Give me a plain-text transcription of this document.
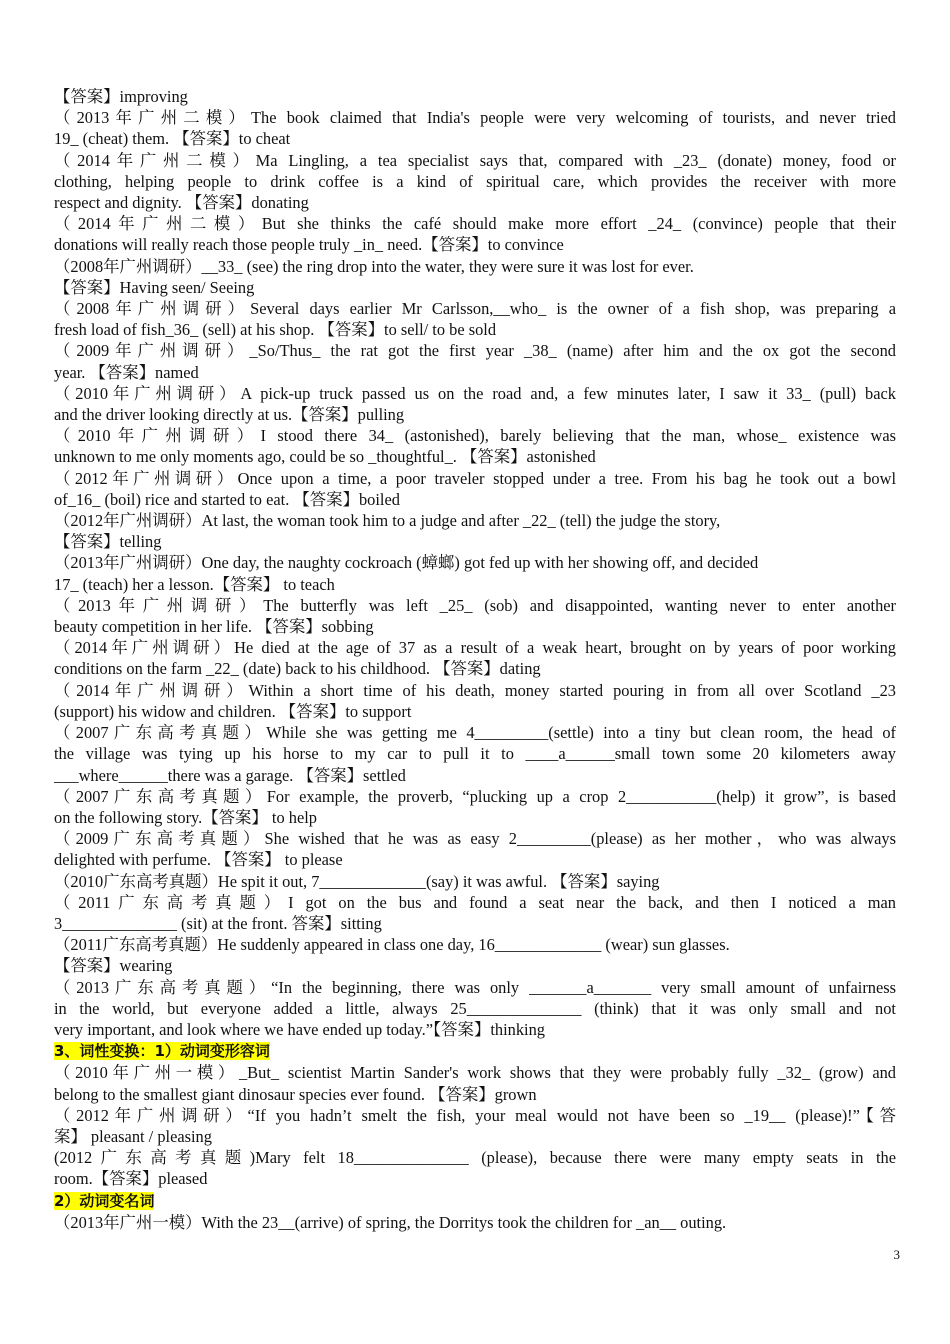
【答案】improving
（2013年广州二模）The book claimed that India's people were very welcoming of tourists, and never tried
19_ (cheat) them. 【答案】to cheat
（2014年广州二模）Ma Lingling, a tea specialist says that, compared with _23_ (donate) money, food or
clothing, helping people to drink coffee is a kind of spiritual care, which provides the receiver with more
respect and dignity. 【答案】donating
（2014年广州二模）But she thinks the café should make more effort _24_ (convince) people that their
donations will really reach those people truly _in_ need.【答案】to convince
（2008年广州调研）__33_ (see) the ring drop into the water, they were sure it was lost for ever.
【答案】Having seen/ Seeing
（2008年广州调研）Several days earlier Mr Carlsson,__who_ is the owner of a fish shop, was preparing a
fresh load of fish_36_ (sell) at his shop. 【答案】to sell/ to be sold
（2009年广州调研）_So/Thus_ the rat got the first year _38_ (name) after him and the ox got the second
year. 【答案】named
（2010年广州调研）A pick-up truck passed us on the road and, a few minutes later, I saw it 33_ (pull) back
and the driver looking directly at us.【答案】pulling
（2010年广州调研）I stood there 34_ (astonished), barely believing that the man, whose_ existence was
unknown to me only moments ago, could be so _thoughtful_. 【答案】astonished
（2012年广州调研）Once upon a time, a poor traveler stopped under a tree. From his bag he took out a bowl
of_16_ (boil) rice and started to eat. 【答案】boiled
（2012年广州调研）At last, the woman took him to a judge and after _22_ (tell) the judge the story,
【答案】telling
（2013年广州调研）One day, the naughty cockroach (蟑螂) got fed up with her showing off, and decided
17_ (teach) her a lesson.【答案】 to teach
（2013年广州调研）The butterfly was left _25_ (sob) and disappointed, wanting never to enter another
beauty competition in her life. 【答案】sobbing
（2014年广州调研）He died at the age of 37 as a result of a weak heart, brought on by years of poor working
conditions on the farm _22_ (date) back to his childhood. 【答案】dating
（2014年广州调研）Within a short time of his death, money started pouring in from all over Scotland _23
(support) his widow and children. 【答案】to support
（2007广东高考真题）While she was getting me 4_________(settle) into a tiny but clean room, the head of
the village was tying up his horse to my car to pull it to ____a______small town some 20 kilometers away
___where______there was a garage. 【答案】settled
（2007广东高考真题）For example, the proverb, “plucking up a crop 2___________(help) it grow”, is based
on the following story.【答案】 to help
（2009广东高考真题）She wished that he was as easy 2_________(please) as her mother，who was always
delighted with perfume. 【答案】 to please
（2010广东高考真题）He spit it out, 7_____________(say) it was awful. 【答案】saying
（2011广东高考真题）I got on the bus and found a seat near the back, and then I noticed a man
3______________ (sit) at the front. 答案】sitting
（2011广东高考真题）He suddenly appeared in class one day, 16_____________ (wear) sun glasses.
【答案】wearing
（2013广东高考真题）“In the beginning, there was only _______a_______ very small amount of unfairness
in the world, but everyone added a little, always 25______________ (think) that it was only small and not
very important, and look where we have ended up today.”【答案】thinking
3、词性变换：1）动词变形容词
（2010年广州一模）_But_ scientist Martin Sander's work shows that they were probably fully _32_ (grow) and
belong to the smallest giant dinosaur species ever found. 【答案】grown
（2012年广州调研）“If you hadn’t smelt the fish, your meal would not have been so _19__ (please)!”【答
案】 pleasant / pleasing
(2012广东高考真题)Mary felt 18______________ (please), because there were many empty seats in the
room.【答案】pleased
2）动词变名词
（2013年广州一模）With the 23__(arrive) of spring, the Dorritys took the children for _an__ outing.
3
